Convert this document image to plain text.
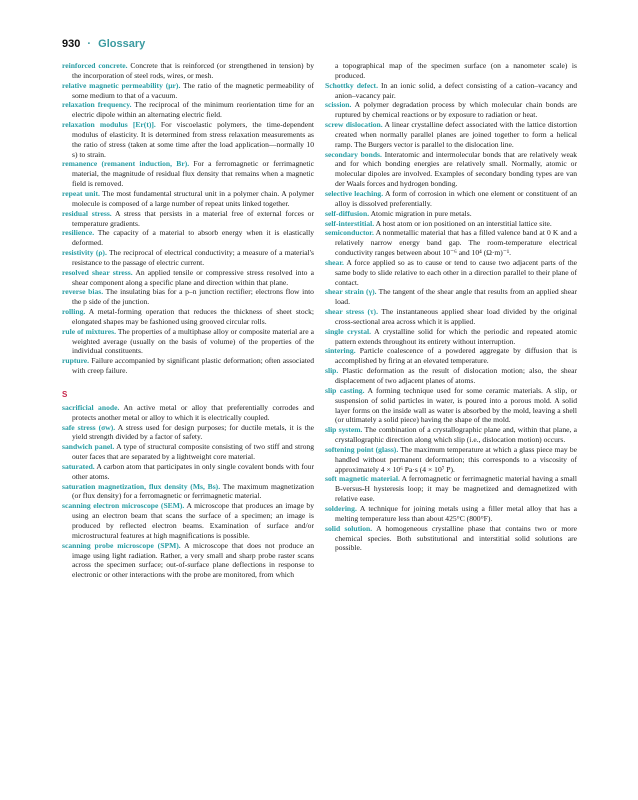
930 · Glossary

reinforced concrete. Concrete that is reinforced (or strengthened in tension) by the incorporation of steel rods, wires, or mesh.

relative magnetic permeability (μr). The ratio of the magnetic permeability of some medium to that of a vacuum.

relaxation frequency. The reciprocal of the minimum reorientation time for an electric dipole within an alternating electric field.

relaxation modulus [Er(t)]. For viscoelastic polymers, the time-dependent modulus of elasticity. It is determined from stress relaxation measurements as the ratio of stress (taken at some time after the load application—normally 10 s) to strain.

remanence (remanent induction, Br). For a ferromagnetic or ferrimagnetic material, the magnitude of residual flux density that remains when a magnetic field is removed.

repeat unit. The most fundamental structural unit in a polymer chain. A polymer molecule is composed of a large number of repeat units linked together.

residual stress. A stress that persists in a material free of external forces or temperature gradients.

resilience. The capacity of a material to absorb energy when it is elastically deformed.

resistivity (ρ). The reciprocal of electrical conductivity; a measure of a material's resistance to the passage of electric current.

resolved shear stress. An applied tensile or compressive stress resolved into a shear component along a specific plane and direction within that plane.

reverse bias. The insulating bias for a p–n junction rectifier; electrons flow into the p side of the junction.

rolling. A metal-forming operation that reduces the thickness of sheet stock; elongated shapes may be fashioned using grooved circular rolls.

rule of mixtures. The properties of a multiphase alloy or composite material are a weighted average (usually on the basis of volume) of the properties of the individual constituents.

rupture. Failure accompanied by significant plastic deformation; often associated with creep failure.

S

sacrificial anode. An active metal or alloy that preferentially corrodes and protects another metal or alloy to which it is electrically coupled.

safe stress (σw). A stress used for design purposes; for ductile metals, it is the yield strength divided by a factor of safety.

sandwich panel. A type of structural composite consisting of two stiff and strong outer faces that are separated by a lightweight core material.

saturated. A carbon atom that participates in only single covalent bonds with four other atoms.

saturation magnetization, flux density (Ms, Bs). The maximum magnetization (or flux density) for a ferromagnetic or ferrimagnetic material.

scanning electron microscope (SEM). A microscope that produces an image by using an electron beam that scans the surface of a specimen; an image is produced by reflected electron beams. Examination of surface and/or microstructural features at high magnifications is possible.

scanning probe microscope (SPM). A microscope that does not produce an image using light radiation. Rather, a very small and sharp probe raster scans across the specimen surface; out-of-surface plane deflections in response to electronic or other interactions with the probe are monitored, from which

a topographical map of the specimen surface (on a nanometer scale) is produced.

Schottky defect. In an ionic solid, a defect consisting of a cation–vacancy and anion–vacancy pair.

scission. A polymer degradation process by which molecular chain bonds are ruptured by chemical reactions or by exposure to radiation or heat.

screw dislocation. A linear crystalline defect associated with the lattice distortion created when normally parallel planes are joined together to form a helical ramp. The Burgers vector is parallel to the dislocation line.

secondary bonds. Interatomic and intermolecular bonds that are relatively weak and for which bonding energies are relatively small. Normally, atomic or molecular dipoles are involved. Examples of secondary bonding types are van der Waals forces and hydrogen bonding.

selective leaching. A form of corrosion in which one element or constituent of an alloy is dissolved preferentially.

self-diffusion. Atomic migration in pure metals.

self-interstitial. A host atom or ion positioned on an interstitial lattice site.

semiconductor. A nonmetallic material that has a filled valence band at 0 K and a relatively narrow energy band gap. The room-temperature electrical conductivity ranges between about 10⁻⁶ and 10⁴ (Ω·m)⁻¹.

shear. A force applied so as to cause or tend to cause two adjacent parts of the same body to slide relative to each other in a direction parallel to their plane of contact.

shear strain (γ). The tangent of the shear angle that results from an applied shear load.

shear stress (τ). The instantaneous applied shear load divided by the original cross-sectional area across which it is applied.

single crystal. A crystalline solid for which the periodic and repeated atomic pattern extends throughout its entirety without interruption.

sintering. Particle coalescence of a powdered aggregate by diffusion that is accomplished by firing at an elevated temperature.

slip. Plastic deformation as the result of dislocation motion; also, the shear displacement of two adjacent planes of atoms.

slip casting. A forming technique used for some ceramic materials. A slip, or suspension of solid particles in water, is poured into a porous mold. A solid layer forms on the inside wall as water is absorbed by the mold, leaving a shell (or ultimately a solid piece) having the shape of the mold.

slip system. The combination of a crystallographic plane and, within that plane, a crystallographic direction along which slip (i.e., dislocation motion) occurs.

softening point (glass). The maximum temperature at which a glass piece may be handled without permanent deformation; this corresponds to a viscosity of approximately 4 × 10⁶ Pa·s (4 × 10⁷ P).

soft magnetic material. A ferromagnetic or ferrimagnetic material having a small B-versus-H hysteresis loop; it may be magnetized and demagnetized with relative ease.

soldering. A technique for joining metals using a filler metal alloy that has a melting temperature less than about 425°C (800°F).

solid solution. A homogeneous crystalline phase that contains two or more chemical species. Both substitutional and interstitial solid solutions are possible.
